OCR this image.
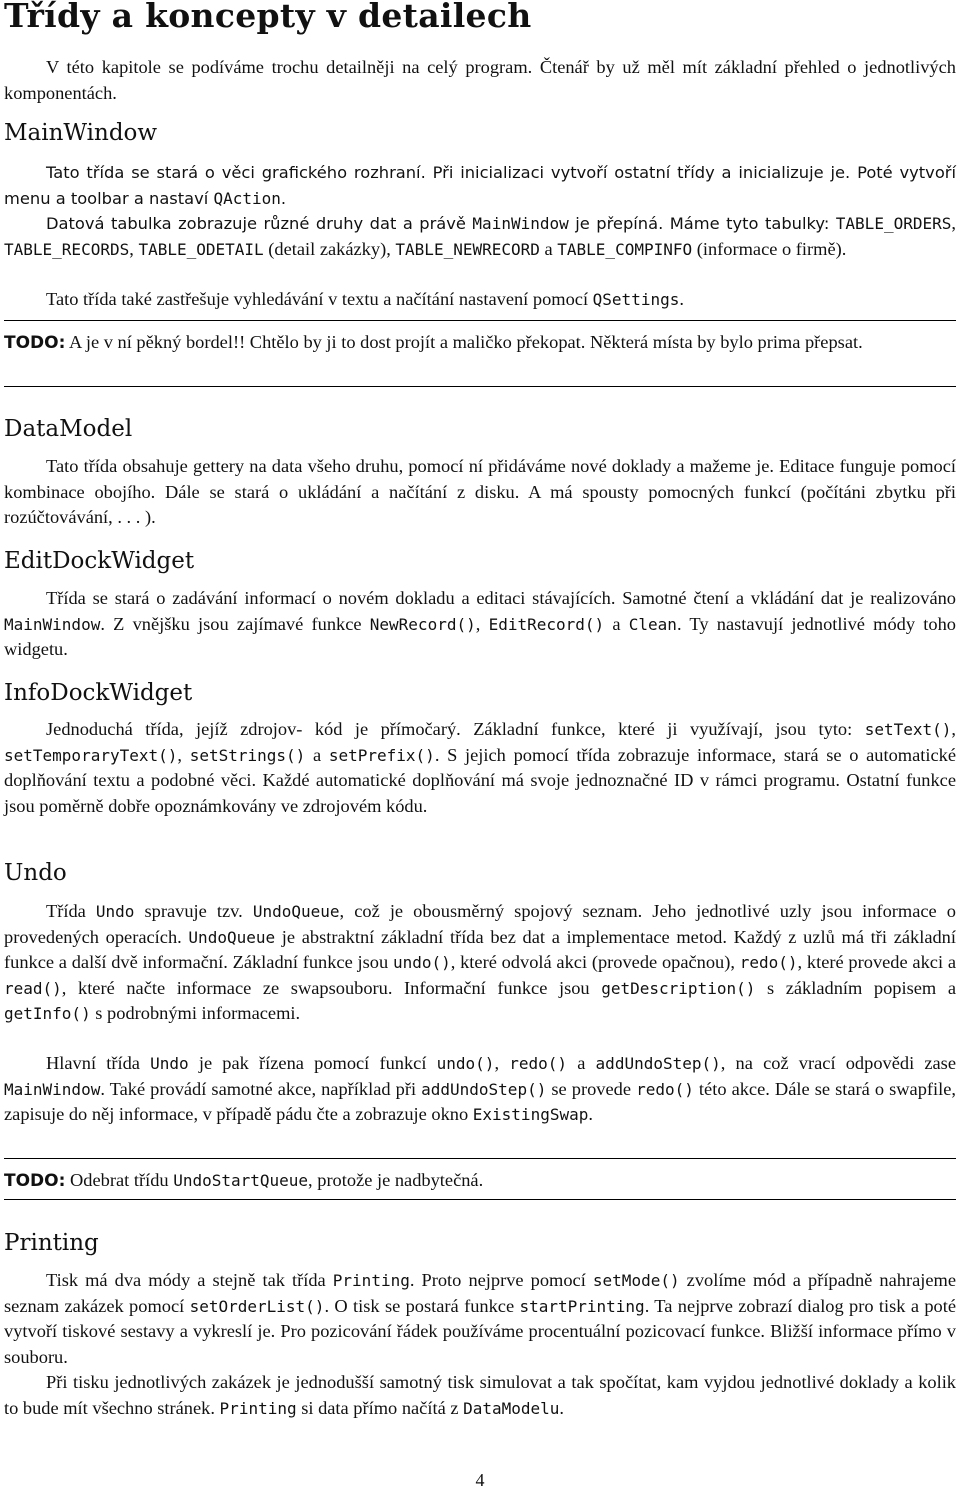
Třídy a koncepty v detailech

V této kapitole se podíváme trochu detailněji na celý program. Čtenář by už měl mít základní přehled o jednotlivých komponentách.

MainWindow

Tato třída se stará o věci grafického rozhraní. Při inicializaci vytvoří ostatní třídy a inicializuje je. Poté vytvoří menu a toolbar a nastaví QAction.

Datová tabulka zobrazuje různé druhy dat a právě MainWindow je přepíná. Máme tyto tabulky: TABLE_ORDERS, TABLE_RECORDS, TABLE_ODETAIL (detail zakázky), TABLE_NEWRECORD a TABLE_COMPINFO (informace o firmě).

Tato třída také zastřešuje vyhledávání v textu a načítání nastavení pomocí QSettings.

TODO: A je v ní pěkný bordel!! Chtělo by ji to dost projít a maličko překopat. Některá místa by bylo prima přepsat.

DataModel

Tato třída obsahuje gettery na data všeho druhu, pomocí ní přidáváme nové doklady a mažeme je. Editace funguje pomocí kombinace obojího. Dále se stará o ukládání a načítání z disku. A má spousty pomocných funkcí (počítáni zbytku při rozúčtovávání, . . . ).

EditDockWidget

Třída se stará o zadávání informací o novém dokladu a editaci stávajících. Samotné čtení a vkládání dat je realizováno MainWindow. Z vnějšku jsou zajímavé funkce NewRecord(), EditRecord() a Clean. Ty nastavují jednotlivé módy toho widgetu.

InfoDockWidget

Jednoduchá třída, jejíž zdrojov- kód je přímočarý. Základní funkce, které ji využívají, jsou tyto: setText(), setTemporaryText(), setStrings() a setPrefix(). S jejich pomocí třída zobrazuje informace, stará se o automatické doplňování textu a podobné věci. Každé automatické doplňování má svoje jednoznačné ID v rámci programu. Ostatní funkce jsou poměrně dobře opoznámkovány ve zdrojovém kódu.

Undo

Třída Undo spravuje tzv. UndoQueue, což je obousměrný spojový seznam. Jeho jednotlivé uzly jsou informace o provedených operacích. UndoQueue je abstraktní základní třída bez dat a implementace metod. Každý z uzlů má tři základní funkce a další dvě informační. Základní funkce jsou undo(), které odvolá akci (provede opačnou), redo(), které provede akci a read(), které načte informace ze swapsouboru. Informační funkce jsou getDescription() s základním popisem a getInfo() s podrobnými informacemi.

Hlavní třída Undo je pak řízena pomocí funkcí undo(), redo() a addUndoStep(), na což vrací odpovědi zase MainWindow. Také provádí samotné akce, například při addUndoStep() se provede redo() této akce. Dále se stará o swapfile, zapisuje do něj informace, v případě pádu čte a zobrazuje okno ExistingSwap.

TODO: Odebrat třídu UndoStartQueue, protože je nadbytečná.

Printing

Tisk má dva módy a stejně tak třída Printing. Proto nejprve pomocí setMode() zvolíme mód a případně nahrajeme seznam zakázek pomocí setOrderList(). O tisk se postará funkce startPrinting. Ta nejprve zobrazí dialog pro tisk a poté vytvoří tiskové sestavy a vykreslí je. Pro pozicování řádek používáme procentuální pozicovací funkce. Bližší informace přímo v souboru.

Při tisku jednotlivých zakázek je jednodušší samotný tisk simulovat a tak spočítat, kam vyjdou jednotlivé doklady a kolik to bude mít všechno stránek. Printing si data přímo načítá z DataModelu.

4
